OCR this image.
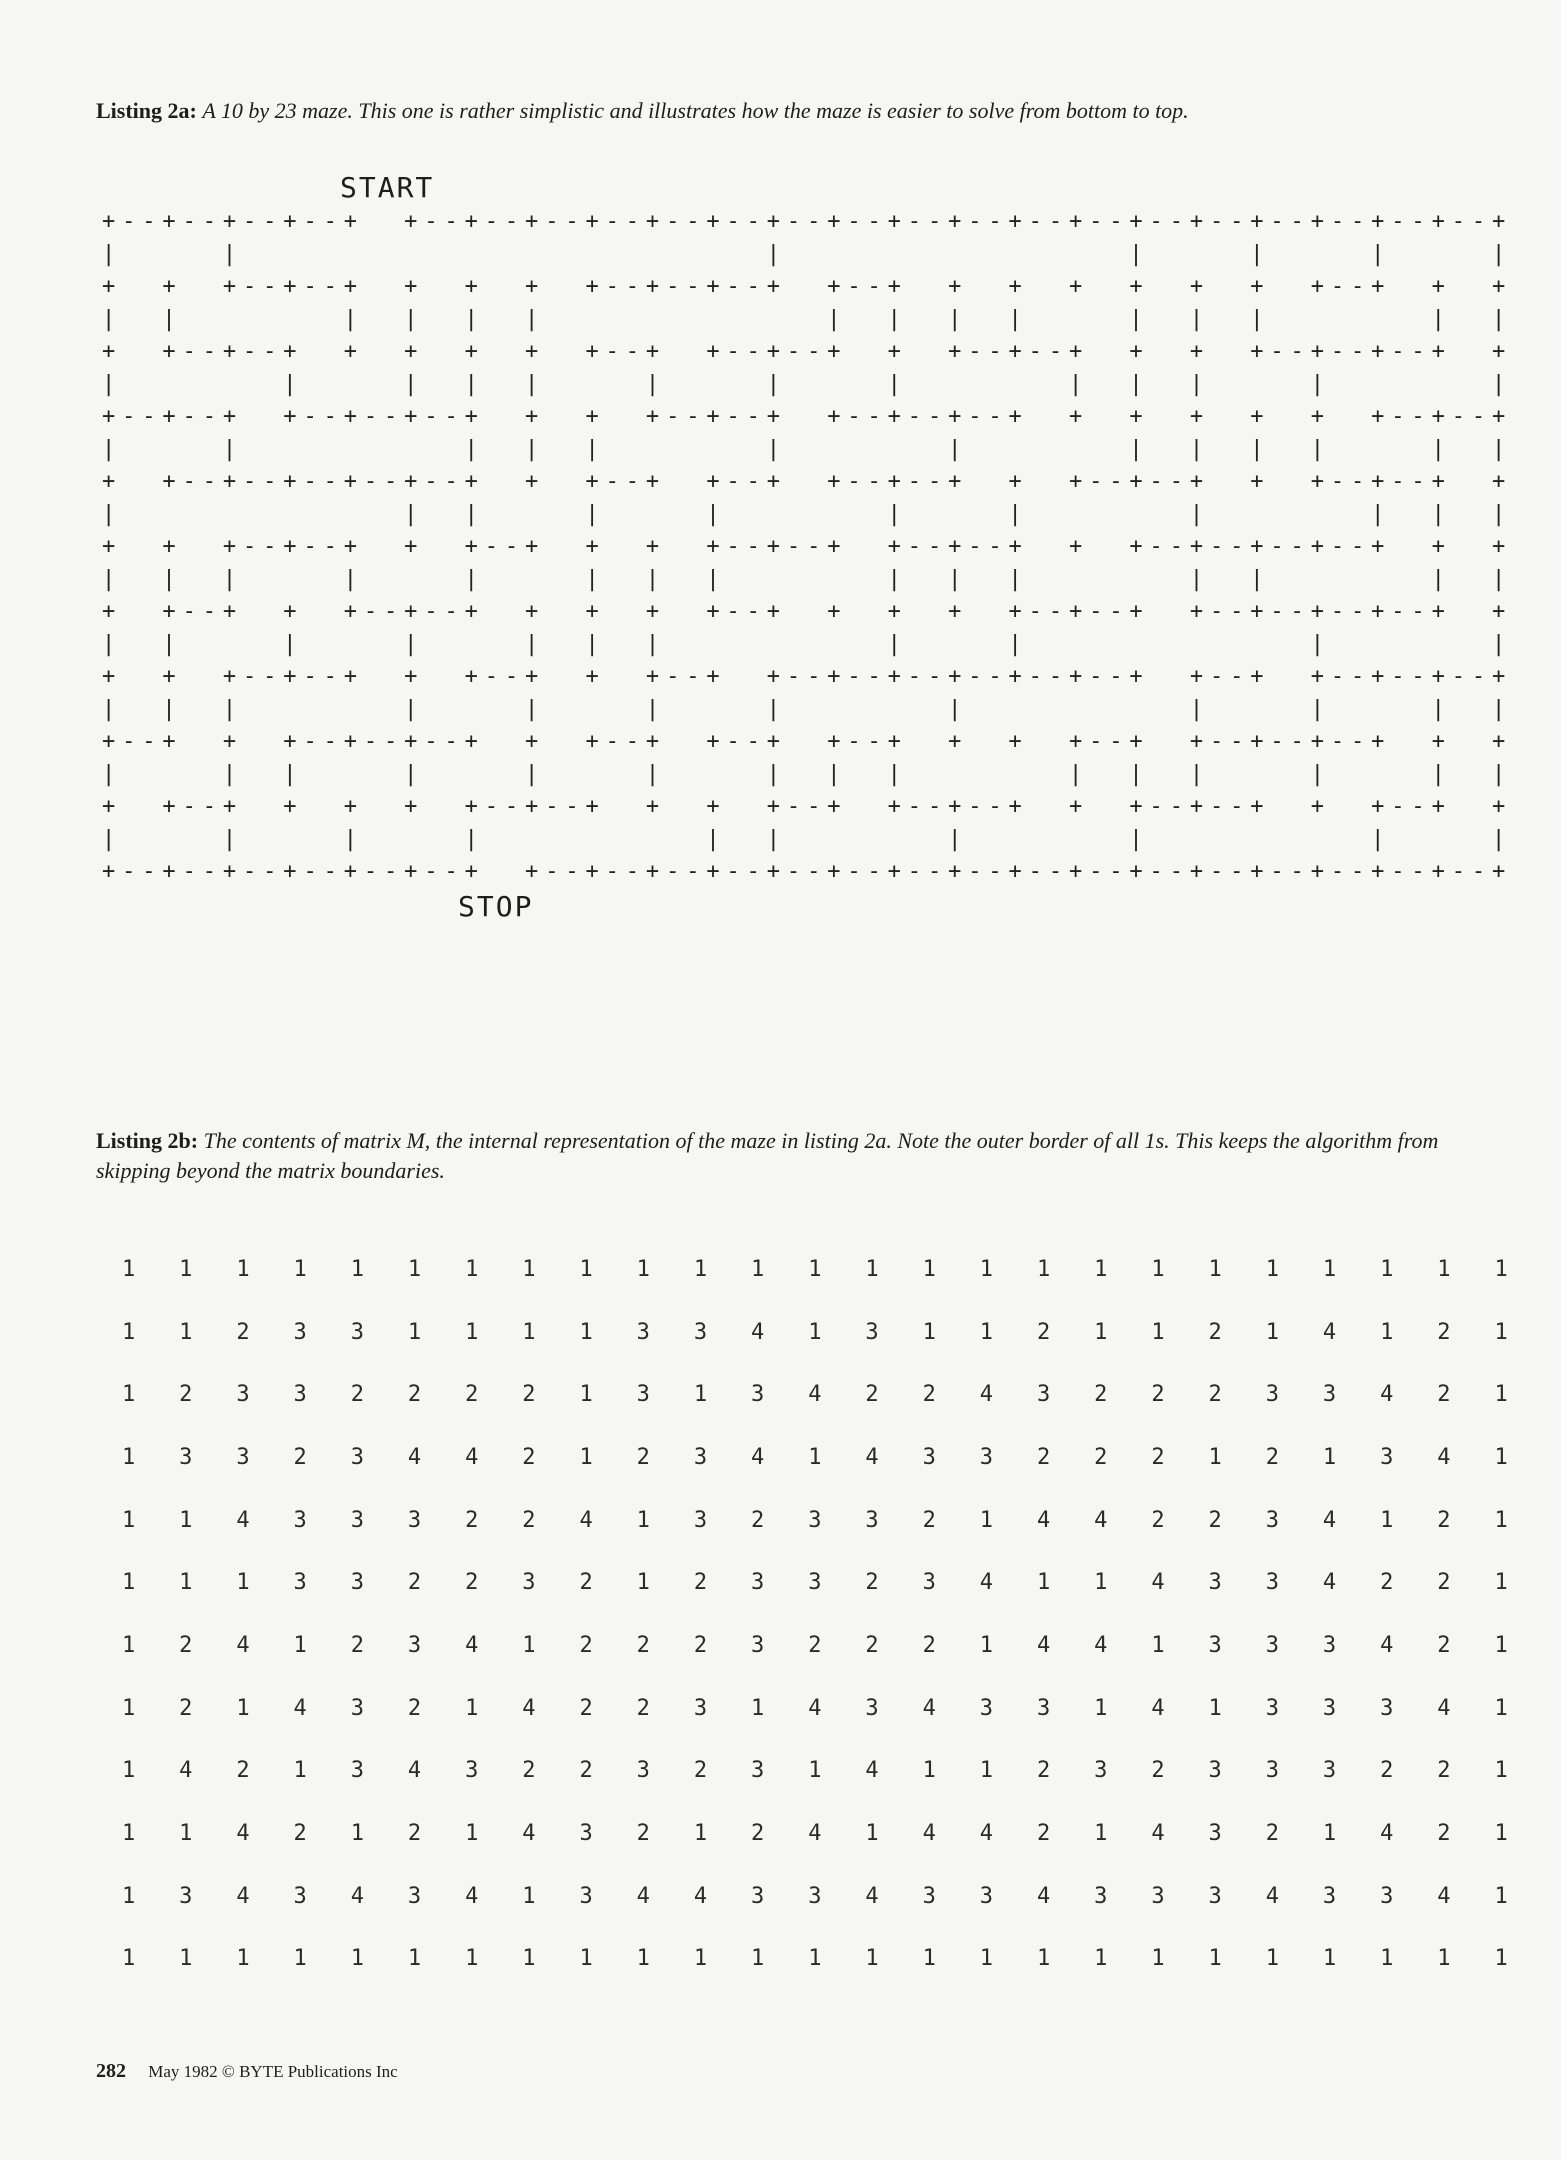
Listing 2a: A 10 by 23 maze. This one is rather simplistic and illustrates how the maze is easier to solve from bottom to top.
START
+--+--+--+--+  +--+--+--+--+--+--+--+--+--+--+--+--+--+--+--+--+--+--+
|     |                          |                 |     |     |     |
+  +  +--+--+  +  +  +  +--+--+--+  +--+  +  +  +  +  +  +  +--+  +  +
|  |        |  |  |  |              |  |  |  |     |  |  |        |  |
+  +--+--+  +  +  +  +  +--+  +--+--+  +  +--+--+  +  +  +--+--+--+  +
|        |     |  |  |     |     |     |        |  |  |     |        |
+--+--+  +--+--+--+  +  +  +--+--+  +--+--+--+  +  +  +  +  +  +--+--+
|     |           |  |  |        |        |        |  |  |  |     |  |
+  +--+--+--+--+--+  +  +--+  +--+  +--+--+  +  +--+--+  +  +--+--+  +
|              |  |     |     |        |     |        |        |  |  |
+  +  +--+--+  +  +--+  +  +  +--+--+  +--+--+  +  +--+--+--+--+  +  +
|  |  |     |     |     |  |  |        |  |  |        |  |        |  |
+  +--+  +  +--+--+  +  +  +  +--+  +  +  +  +--+--+  +--+--+--+--+  +
|  |     |     |     |  |  |           |     |              |        |
+  +  +--+--+  +  +--+  +  +--+  +--+--+--+--+--+--+  +--+  +--+--+--+
|  |  |        |     |     |     |        |           |     |     |  |
+--+  +  +--+--+--+  +  +--+  +--+  +--+  +  +  +--+  +--+--+--+  +  +
|     |  |     |     |     |     |  |  |        |  |  |     |     |  |
+  +--+  +  +  +  +--+--+  +  +  +--+  +--+--+  +  +--+--+  +  +--+  +
|     |     |     |           |  |        |        |           |     |
+--+--+--+--+--+--+  +--+--+--+--+--+--+--+--+--+--+--+--+--+--+--+--+
STOP
Listing 2b: The contents of matrix M, the internal representation of the maze in listing 2a. Note the outer border of all 1s. This keeps the algorithm from skipping beyond the matrix boundaries.
1	1	1	1	1	1	1	1	1	1	1	1	1	1	1	1	1	1	1	1	1	1	1	1	1
1	1	2	3	3	1	1	1	1	3	3	4	1	3	1	1	2	1	1	2	1	4	1	2	1
1	2	3	3	2	2	2	2	1	3	1	3	4	2	2	4	3	2	2	2	3	3	4	2	1
1	3	3	2	3	4	4	2	1	2	3	4	1	4	3	3	2	2	2	1	2	1	3	4	1
1	1	4	3	3	3	2	2	4	1	3	2	3	3	2	1	4	4	2	2	3	4	1	2	1
1	1	1	3	3	2	2	3	2	1	2	3	3	2	3	4	1	1	4	3	3	4	2	2	1
1	2	4	1	2	3	4	1	2	2	2	3	2	2	2	1	4	4	1	3	3	3	4	2	1
1	2	1	4	3	2	1	4	2	2	3	1	4	3	4	3	3	1	4	1	3	3	3	4	1
1	4	2	1	3	4	3	2	2	3	2	3	1	4	1	1	2	3	2	3	3	3	2	2	1
1	1	4	2	1	2	1	4	3	2	1	2	4	1	4	4	2	1	4	3	2	1	4	2	1
1	3	4	3	4	3	4	1	3	4	4	3	3	4	3	3	4	3	3	3	4	3	3	4	1
1	1	1	1	1	1	1	1	1	1	1	1	1	1	1	1	1	1	1	1	1	1	1	1	1
282 May 1982 © BYTE Publications Inc
